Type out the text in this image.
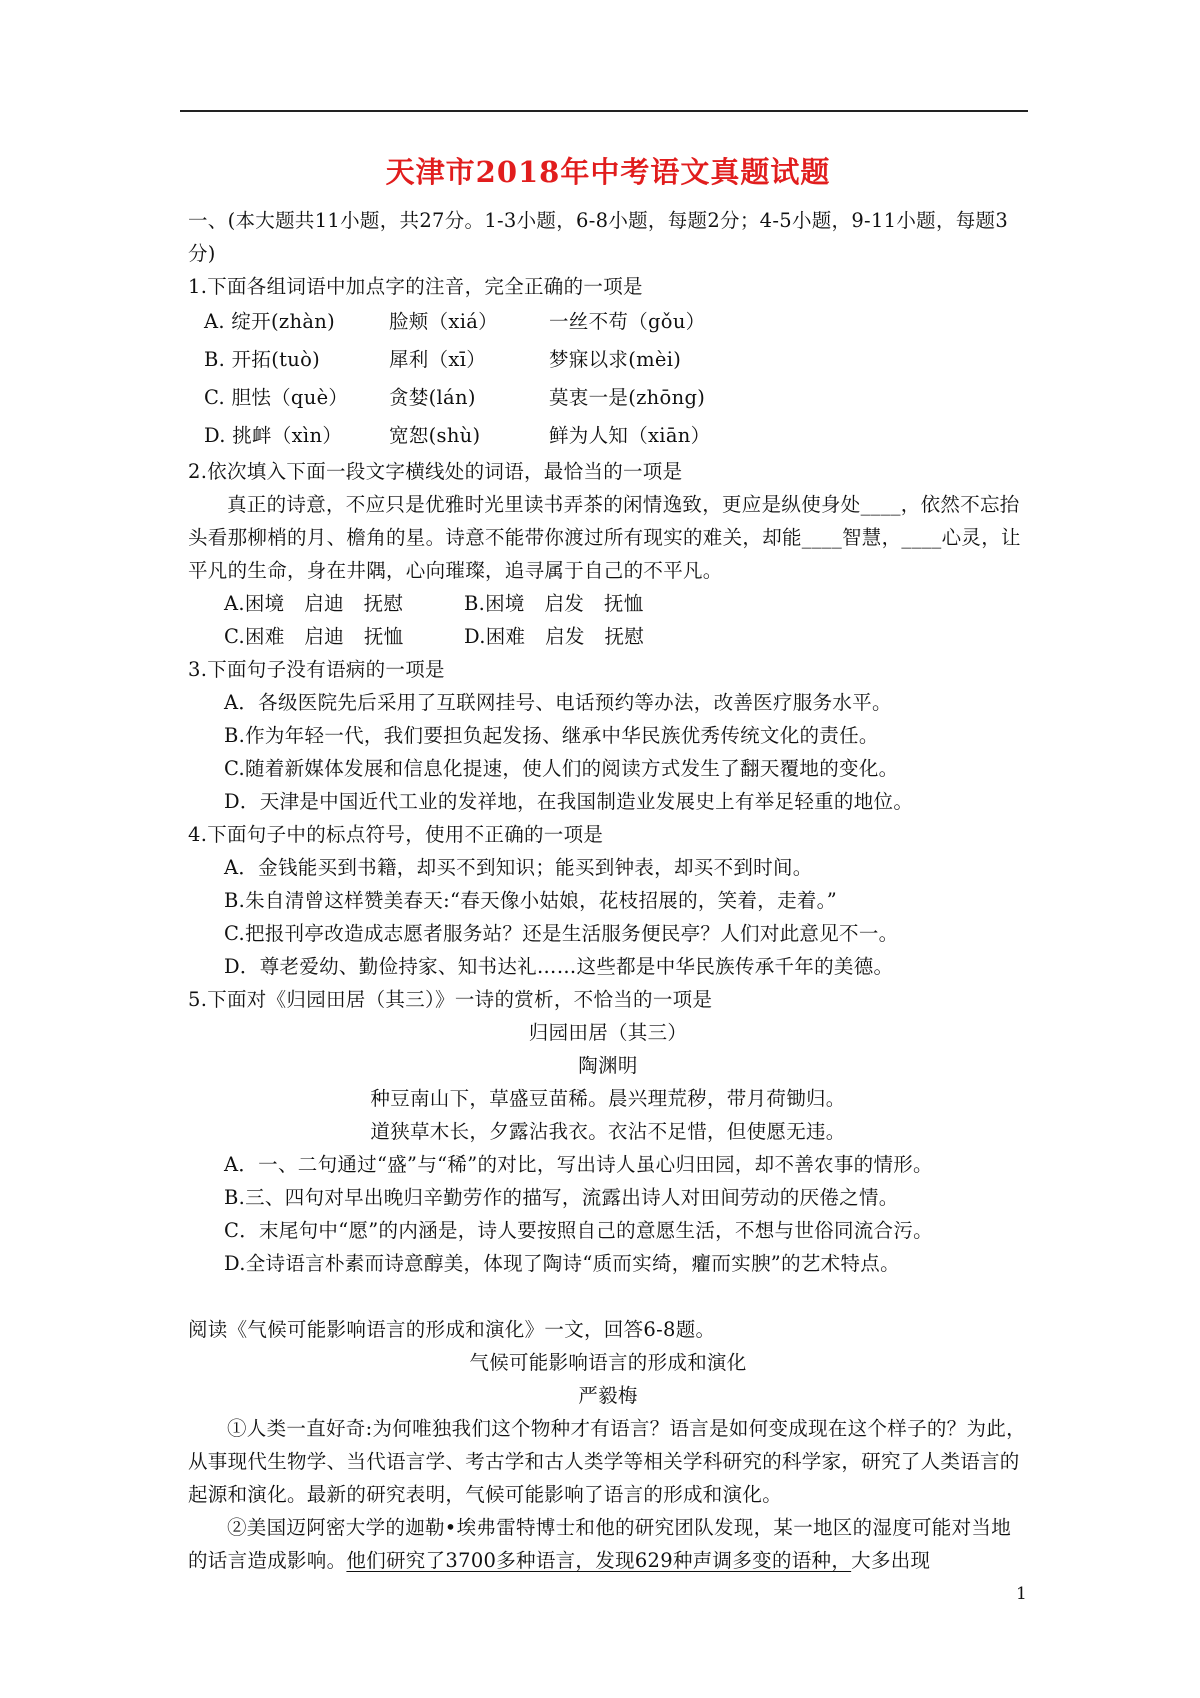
天津市2018年中考语文真题试题

一、(本大题共11小题，共27分。1-3小题，6-8小题，每题2分；4-5小题，9-11小题，每题3分)

1.下面各组词语中加点字的注音，完全正确的一项是

A. 绽开(zhàn)	脸颊（xiá）	一丝不苟（gǒu）
B. 开拓(tuò)	犀利（xī）	梦寐以求(mèi)
C. 胆怯（què）	贪婪(lán)	莫衷一是(zhōng)
D. 挑衅（xìn）	宽恕(shù)	鲜为人知（xiān）

2.依次填入下面一段文字横线处的词语，最恰当的一项是

真正的诗意，不应只是优雅时光里读书弄茶的闲情逸致，更应是纵使身处____，依然不忘抬头看那柳梢的月、檐角的星。诗意不能带你渡过所有现实的难关，却能____智慧，____心灵，让平凡的生命，身在井隅，心向璀璨，追寻属于自己的不平凡。

A.困境　启迪　抚慰	B.困境　启发　抚恤
C.困难　启迪　抚恤	D.困难　启发　抚慰

3.下面句子没有语病的一项是

A．各级医院先后采用了互联网挂号、电话预约等办法，改善医疗服务水平。

B.作为年轻一代，我们要担负起发扬、继承中华民族优秀传统文化的责任。

C.随着新媒体发展和信息化提速，使人们的阅读方式发生了翻天覆地的变化。

D．天津是中国近代工业的发祥地，在我国制造业发展史上有举足轻重的地位。

4.下面句子中的标点符号，使用不正确的一项是

A．金钱能买到书籍，却买不到知识；能买到钟表，却买不到时间。

B.朱自清曾这样赞美春天:“春天像小姑娘，花枝招展的，笑着，走着。”

C.把报刊亭改造成志愿者服务站？还是生活服务便民亭？人们对此意见不一。

D．尊老爱幼、勤俭持家、知书达礼……这些都是中华民族传承千年的美德。

5.下面对《归园田居（其三）》一诗的赏析，不恰当的一项是

归园田居（其三）

陶渊明

种豆南山下，草盛豆苗稀。晨兴理荒秽，带月荷锄归。

道狭草木长，夕露沾我衣。衣沾不足惜，但使愿无违。

A．一、二句通过“盛”与“稀”的对比，写出诗人虽心归田园，却不善农事的情形。

B.三、四句对早出晚归辛勤劳作的描写，流露出诗人对田间劳动的厌倦之情。

C．末尾句中“愿”的内涵是，诗人要按照自己的意愿生活，不想与世俗同流合污。

D.全诗语言朴素而诗意醇美，体现了陶诗“质而实绮，癯而实腴”的艺术特点。

阅读《气候可能影响语言的形成和演化》一文，回答6-8题。

气候可能影响语言的形成和演化

严毅梅

①人类一直好奇:为何唯独我们这个物种才有语言？语言是如何变成现在这个样子的？为此，从事现代生物学、当代语言学、考古学和古人类学等相关学科研究的科学家，研究了人类语言的起源和演化。最新的研究表明，气候可能影响了语言的形成和演化。

②美国迈阿密大学的迦勒•埃弗雷特博士和他的研究团队发现，某一地区的湿度可能对当地的话言造成影响。他们研究了3700多种语言，发现629种声调多变的语种，大多出现

1
